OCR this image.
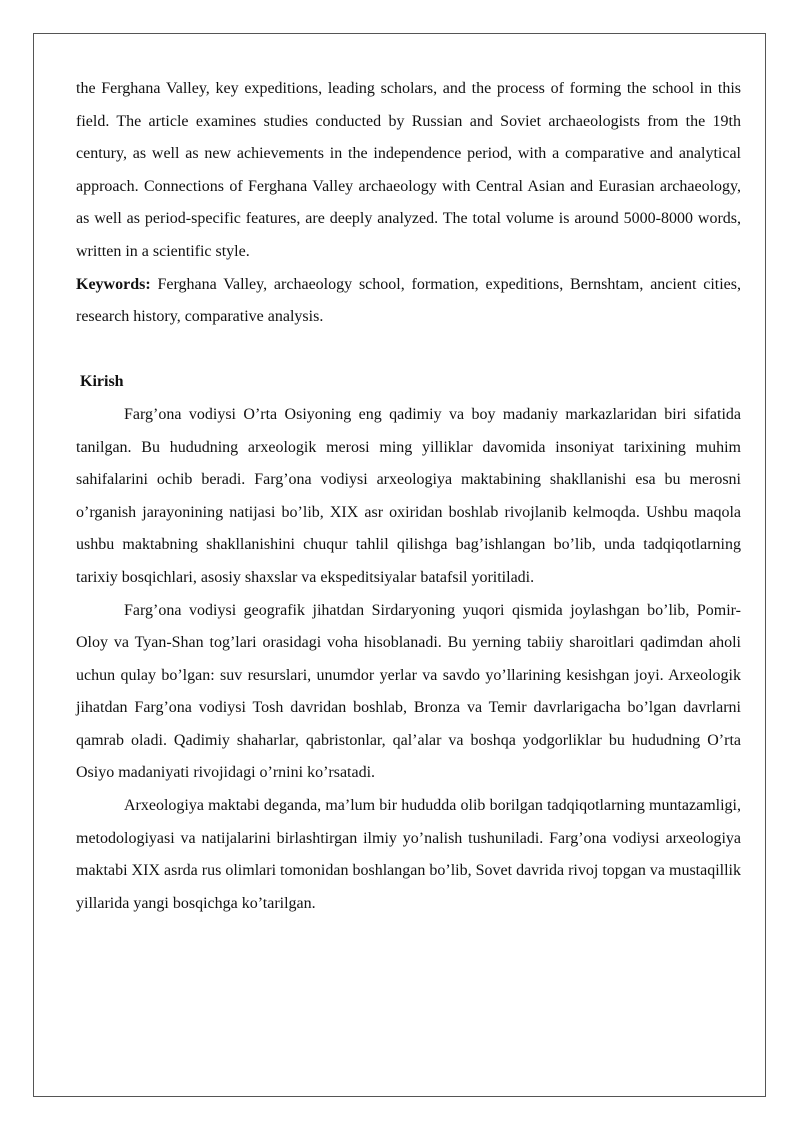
the Ferghana Valley, key expeditions, leading scholars, and the process of forming the school in this field. The article examines studies conducted by Russian and Soviet archaeologists from the 19th century, as well as new achievements in the independence period, with a comparative and analytical approach. Connections of Ferghana Valley archaeology with Central Asian and Eurasian archaeology, as well as period-specific features, are deeply analyzed. The total volume is around 5000-8000 words, written in a scientific style.

Keywords: Ferghana Valley, archaeology school, formation, expeditions, Bernshtam, ancient cities, research history, comparative analysis.

Kirish

Farg’ona vodiysi O’rta Osiyoning eng qadimiy va boy madaniy markazlaridan biri sifatida tanilgan. Bu hududning arxeologik merosi ming yilliklar davomida insoniyat tarixining muhim sahifalarini ochib beradi. Farg’ona vodiysi arxeologiya maktabining shakllanishi esa bu merosni o’rganish jarayonining natijasi bo’lib, XIX asr oxiridan boshlab rivojlanib kelmoqda. Ushbu maqola ushbu maktabning shakllanishini chuqur tahlil qilishga bag’ishlangan bo’lib, unda tadqiqotlarning tarixiy bosqichlari, asosiy shaxslar va ekspeditsiyalar batafsil yoritiladi.

Farg’ona vodiysi geografik jihatdan Sirdaryoning yuqori qismida joylashgan bo’lib, Pomir-Oloy va Tyan-Shan tog’lari orasidagi voha hisoblanadi. Bu yerning tabiiy sharoitlari qadimdan aholi uchun qulay bo’lgan: suv resurslari, unumdor yerlar va savdo yo’llarining kesishgan joyi. Arxeologik jihatdan Farg’ona vodiysi Tosh davridan boshlab, Bronza va Temir davrlarigacha bo’lgan davrlarni qamrab oladi. Qadimiy shaharlar, qabristonlar, qal’alar va boshqa yodgorliklar bu hududning O’rta Osiyo madaniyati rivojidagi o’rnini ko’rsatadi.

Arxeologiya maktabi deganda, ma’lum bir hududda olib borilgan tadqiqotlarning muntazamligi, metodologiyasi va natijalarini birlashtirgan ilmiy yo’nalish tushuniladi. Farg’ona vodiysi arxeologiya maktabi XIX asrda rus olimlari tomonidan boshlangan bo’lib, Sovet davrida rivoj topgan va mustaqillik yillarida yangi bosqichga ko’tarilgan.
